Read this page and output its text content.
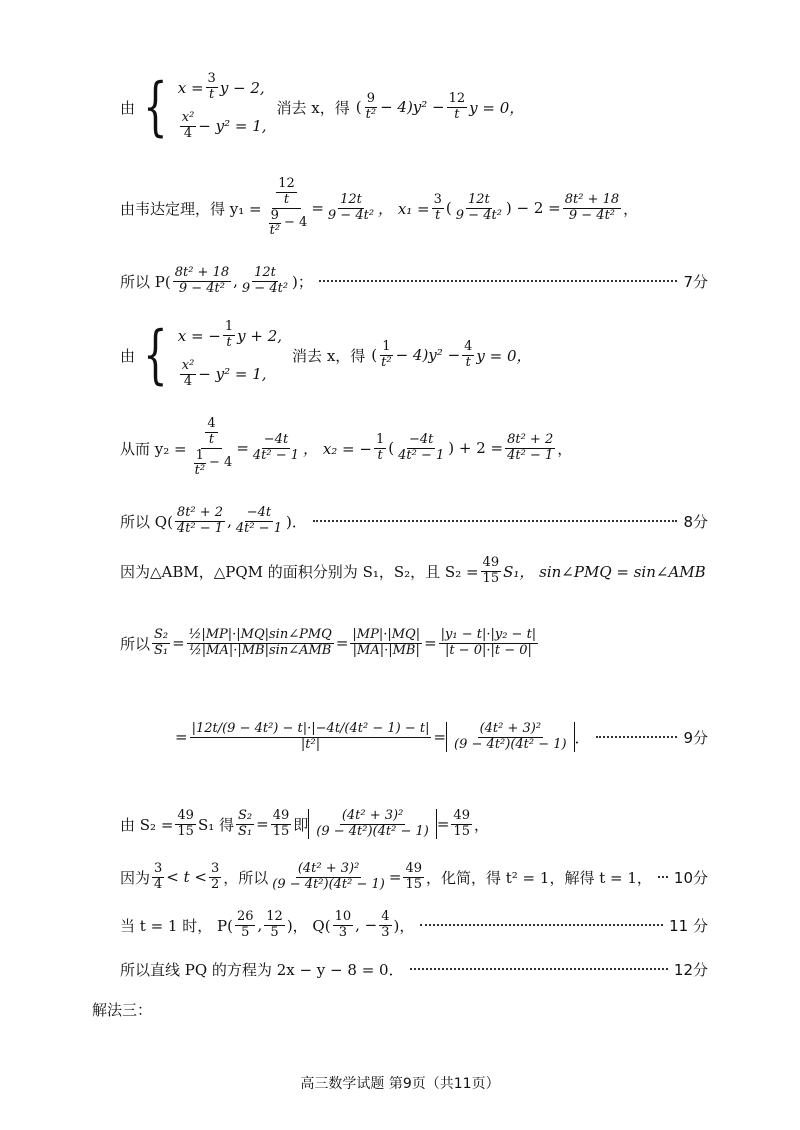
由 { $x = \frac{3}{t}$ y − 2,
x²
4 − y² = 1,
消去 x，得 ( 9
$t^2 - 4)y^2 - \frac{12}{t}$ y = 0，
由韦达定理，得 $y_1 = \frac{12}{t}$
9
t²
− $4 = \frac{12t}{\text{9 − 4t²}}$ ， $x_1 = \frac{3}{t}$ ( 12t
9 − 4t² ) − $2 = \frac{\text{8t² + 18}}{\text{9 − 4t²}}$ ，
所以 P(
8t² + 18
9 − 4t² , 12t
9 − 4t² )；	7分
由 { x = − $\frac{1}{t}$ y + 2,
x²
4 − y² = 1,
消去 x，得 ( 1
$t^2 - 4)y^2 - \frac{4}{t}$ y = 0，
从而 $y_2 = \frac{4}{t}$
1
t²
− $4 = \frac{-4t}{\text{4t² − 1}}$ ， x₂ = − $\frac{1}{t}$ ( −4t
4t² − 1 ) + $2 = \frac{\text{8t² + 2}}{\text{4t² − 1}}$ ，
所以 Q(
8t² + 2
4t² − 1 , −4t
4t² − 1 )．	8分
因为△ABM，△PQM 的面积分别为 S₁，S₂，且 $S_2 = \frac{49}{15} S_1$， sin∠PMQ = sin∠AMB
所以 $\frac{\text{S₂}}{\text{S₁}}$ = ½|MP|·|MQ|sin∠PMQ
½|MA|·|MB|sin∠AMB = $\frac{|MP|\cdot|MQ|}{|MA|\cdot|MB|} = \frac{\text{|y₁ − t|·|y₂ − t|}}{|t - 0|\cdot|t - 0|}$
= $\frac{\text{|12t/(9 − 4t²) − t|·|−4t/(4t² − 1) − t|}}{\text{|t²|}}$ =	(4t² + 3)²
(9 − 4t²)(4t² − 1) ．	9分
由 $S_2 = \frac{49}{15} S_1$ 得 $\frac{\text{S₂}}{\text{S₁}} = \frac{49}{15}$ 即
(4t² + 3)²
$(9 - 4t^2)(4t^2 - 1) = \frac{49}{15}$ ，
因为
3
4 < t < 3
2 ，所以 $\frac{\text{(4t² + 3)²}}{\text{(9 − 4t²)(4t² − 1)}} = \frac{49}{15}$ ，化简，得 t² = 1，解得 t = 1， 10分
当 t = 1 时， P(
26
5 , 12
5 )， Q(
10
3 , − $\frac{4}{3}$ )，	11 分
所以直线 PQ 的方程为 2x − y − 8 = 0．	12分
解法三：
高三数学试题 第9页（共11页）
